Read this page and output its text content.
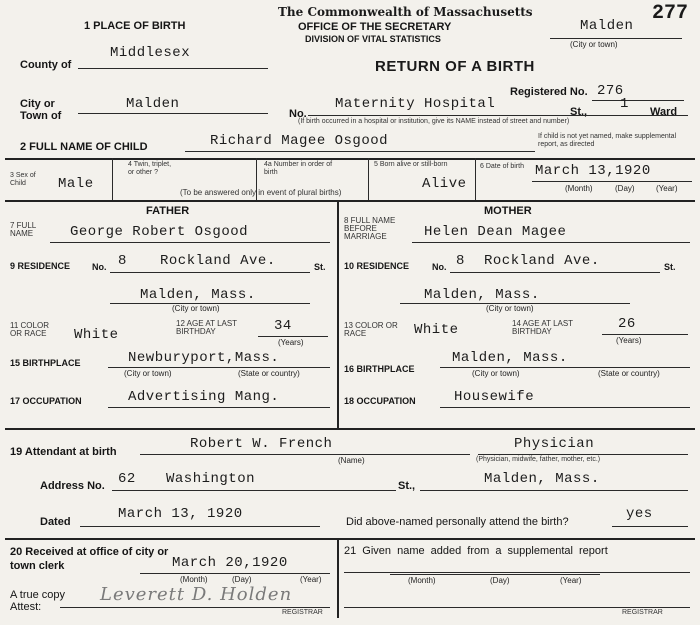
277
1 PLACE OF BIRTH
The Commonwealth of Massachusetts
OFFICE OF THE SECRETARY
DIVISION OF VITAL STATISTICS
RETURN OF A BIRTH
Malden
(City or town)
County of
Middlesex
City or
Town of
Malden
Registered No. 276
No.
Maternity Hospital	St., 1 Ward
(If birth occurred in a hospital or institution, give its NAME instead of street and number)
2 FULL NAME OF CHILD	Richard Magee Osgood	If child is not yet named, make supplemental report, as directed
3 Sex of Child	Male
4 Twin, triplet, or other ?
4a Number in order of birth
(To be answered only in event of plural births)
5 Born alive or still-born
Alive
6 Date of birth March 13,1920
(Month)	(Day)	(Year)
FATHER	MOTHER
7 FULL NAME	George Robert Osgood
9 RESIDENCE No. 8 Rockland Ave.	St.
Malden, Mass.
(City or town)
11 COLOR OR RACE	White
12 AGE AT LAST BIRTHDAY	34
(Years)
15 BIRTHPLACE	Newburyport,Mass.
(City or town)	(State or country)
17 OCCUPATION	Advertising Mang.
8 FULL NAME BEFORE MARRIAGE	Helen Dean Magee
10 RESIDENCE	No. 8 Rockland Ave.	St.
Malden, Mass.
(City or town)
13 COLOR OR RACE	White	14 AGE AT LAST BIRTHDAY	26
(Years)
16 BIRTHPLACE
Malden, Mass.
(City or town)	(State or country)
18 OCCUPATION	Housewife
19 Attendant at birth	Robert W. French
(Name)
Physician
(Physician, midwife, father, mother, etc.)
Address No. 62 Washington	St.,	Malden, Mass.
Dated	March 13, 1920	Did above-named personally attend the birth?	yes
20 Received at office of city or town clerk	March 20,1920
(Month)	(Day)	(Year)
A true copy Attest:
Leverett D. Holden
REGISTRAR
21 Given name added from a supplemental report
(Month)	(Day)	(Year)
REGISTRAR
